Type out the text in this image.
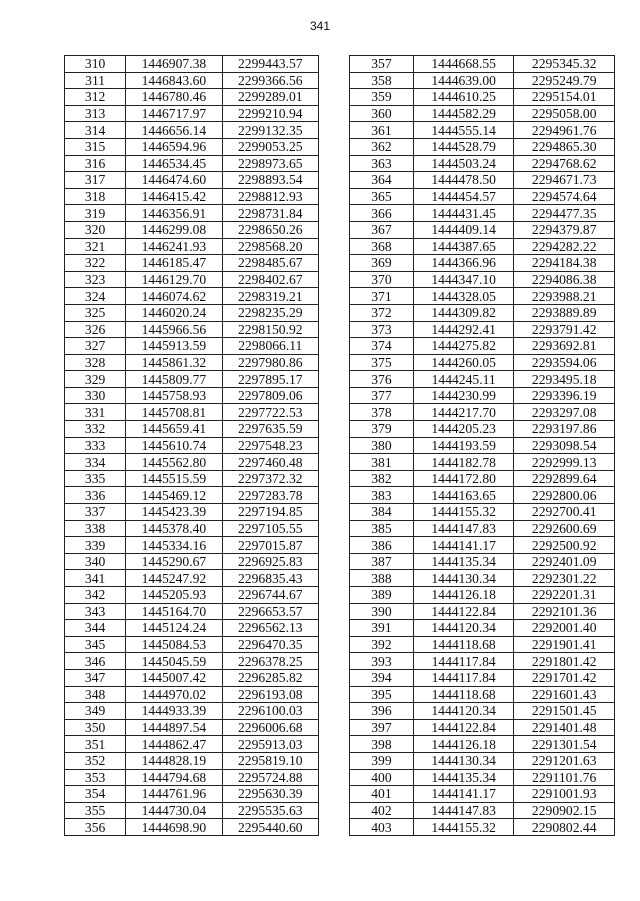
341
310	1446907.38	2299443.57
311	1446843.60	2299366.56
312	1446780.46	2299289.01
313	1446717.97	2299210.94
314	1446656.14	2299132.35
315	1446594.96	2299053.25
316	1446534.45	2298973.65
317	1446474.60	2298893.54
318	1446415.42	2298812.93
319	1446356.91	2298731.84
320	1446299.08	2298650.26
321	1446241.93	2298568.20
322	1446185.47	2298485.67
323	1446129.70	2298402.67
324	1446074.62	2298319.21
325	1446020.24	2298235.29
326	1445966.56	2298150.92
327	1445913.59	2298066.11
328	1445861.32	2297980.86
329	1445809.77	2297895.17
330	1445758.93	2297809.06
331	1445708.81	2297722.53
332	1445659.41	2297635.59
333	1445610.74	2297548.23
334	1445562.80	2297460.48
335	1445515.59	2297372.32
336	1445469.12	2297283.78
337	1445423.39	2297194.85
338	1445378.40	2297105.55
339	1445334.16	2297015.87
340	1445290.67	2296925.83
341	1445247.92	2296835.43
342	1445205.93	2296744.67
343	1445164.70	2296653.57
344	1445124.24	2296562.13
345	1445084.53	2296470.35
346	1445045.59	2296378.25
347	1445007.42	2296285.82
348	1444970.02	2296193.08
349	1444933.39	2296100.03
350	1444897.54	2296006.68
351	1444862.47	2295913.03
352	1444828.19	2295819.10
353	1444794.68	2295724.88
354	1444761.96	2295630.39
355	1444730.04	2295535.63
356	1444698.90	2295440.60
357	1444668.55	2295345.32
358	1444639.00	2295249.79
359	1444610.25	2295154.01
360	1444582.29	2295058.00
361	1444555.14	2294961.76
362	1444528.79	2294865.30
363	1444503.24	2294768.62
364	1444478.50	2294671.73
365	1444454.57	2294574.64
366	1444431.45	2294477.35
367	1444409.14	2294379.87
368	1444387.65	2294282.22
369	1444366.96	2294184.38
370	1444347.10	2294086.38
371	1444328.05	2293988.21
372	1444309.82	2293889.89
373	1444292.41	2293791.42
374	1444275.82	2293692.81
375	1444260.05	2293594.06
376	1444245.11	2293495.18
377	1444230.99	2293396.19
378	1444217.70	2293297.08
379	1444205.23	2293197.86
380	1444193.59	2293098.54
381	1444182.78	2292999.13
382	1444172.80	2292899.64
383	1444163.65	2292800.06
384	1444155.32	2292700.41
385	1444147.83	2292600.69
386	1444141.17	2292500.92
387	1444135.34	2292401.09
388	1444130.34	2292301.22
389	1444126.18	2292201.31
390	1444122.84	2292101.36
391	1444120.34	2292001.40
392	1444118.68	2291901.41
393	1444117.84	2291801.42
394	1444117.84	2291701.42
395	1444118.68	2291601.43
396	1444120.34	2291501.45
397	1444122.84	2291401.48
398	1444126.18	2291301.54
399	1444130.34	2291201.63
400	1444135.34	2291101.76
401	1444141.17	2291001.93
402	1444147.83	2290902.15
403	1444155.32	2290802.44
